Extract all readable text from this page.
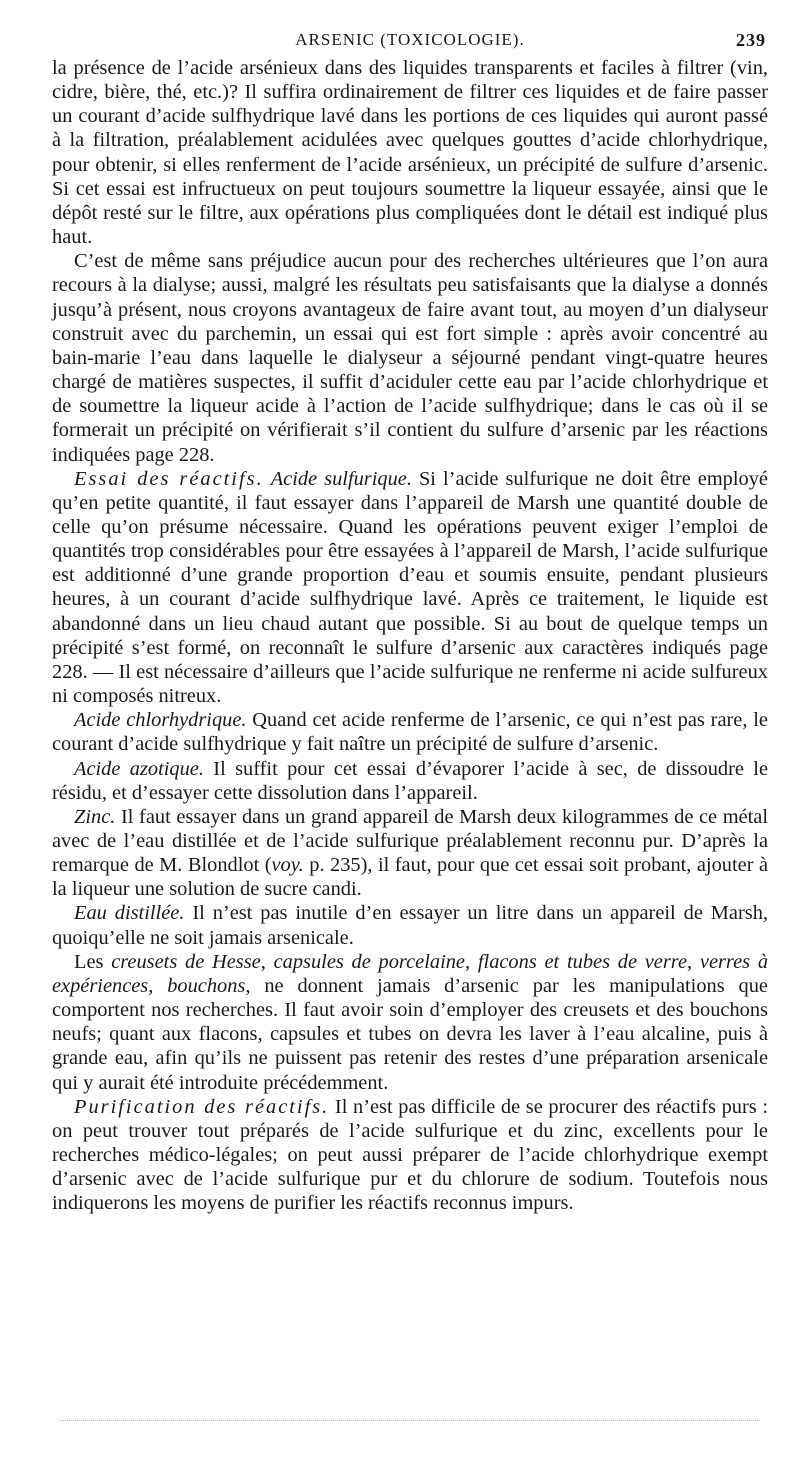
ARSENIC (TOXICOLOGIE).	239

la présence de l’acide arsénieux dans des liquides transparents et faciles à filtrer (vin, cidre, bière, thé, etc.)? Il suffira ordinairement de filtrer ces liquides et de faire passer un courant d’acide sulfhydrique lavé dans les portions de ces liquides qui auront passé à la filtration, préalablement acidulées avec quelques gouttes d’acide chlorhydrique, pour obtenir, si elles renferment de l’acide arsénieux, un précipité de sulfure d’arsenic. Si cet essai est infructueux on peut toujours soumettre la liqueur essayée, ainsi que le dépôt resté sur le filtre, aux opérations plus compliquées dont le détail est indiqué plus haut.

C’est de même sans préjudice aucun pour des recherches ultérieures que l’on aura recours à la dialyse; aussi, malgré les résultats peu satisfaisants que la dialyse a donnés jusqu’à présent, nous croyons avantageux de faire avant tout, au moyen d’un dialyseur construit avec du parchemin, un essai qui est fort simple : après avoir concentré au bain-marie l’eau dans laquelle le dialyseur a séjourné pendant vingt-quatre heures chargé de matières suspectes, il suffit d’aciduler cette eau par l’acide chlorhydrique et de soumettre la liqueur acide à l’action de l’acide sulfhydrique; dans le cas où il se formerait un précipité on vérifierait s’il contient du sulfure d’arsenic par les réactions indiquées page 228.

Essai des réactifs. Acide sulfurique. Si l’acide sulfurique ne doit être employé qu’en petite quantité, il faut essayer dans l’appareil de Marsh une quantité double de celle qu’on présume nécessaire. Quand les opérations peuvent exiger l’emploi de quantités trop considérables pour être essayées à l’appareil de Marsh, l’acide sulfurique est additionné d’une grande proportion d’eau et soumis ensuite, pendant plusieurs heures, à un courant d’acide sulfhydrique lavé. Après ce traitement, le liquide est abandonné dans un lieu chaud autant que possible. Si au bout de quelque temps un précipité s’est formé, on reconnaît le sulfure d’arsenic aux caractères indiqués page 228. — Il est nécessaire d’ailleurs que l’acide sulfurique ne renferme ni acide sulfureux ni composés nitreux.

Acide chlorhydrique. Quand cet acide renferme de l’arsenic, ce qui n’est pas rare, le courant d’acide sulfhydrique y fait naître un précipité de sulfure d’arsenic.

Acide azotique. Il suffit pour cet essai d’évaporer l’acide à sec, de dissoudre le résidu, et d’essayer cette dissolution dans l’appareil.

Zinc. Il faut essayer dans un grand appareil de Marsh deux kilogrammes de ce métal avec de l’eau distillée et de l’acide sulfurique préalablement reconnu pur. D’après la remarque de M. Blondlot (voy. p. 235), il faut, pour que cet essai soit probant, ajouter à la liqueur une solution de sucre candi.

Eau distillée. Il n’est pas inutile d’en essayer un litre dans un appareil de Marsh, quoiqu’elle ne soit jamais arsenicale.

Les creusets de Hesse, capsules de porcelaine, flacons et tubes de verre, verres à expériences, bouchons, ne donnent jamais d’arsenic par les manipulations que comportent nos recherches. Il faut avoir soin d’employer des creusets et des bouchons neufs; quant aux flacons, capsules et tubes on devra les laver à l’eau alcaline, puis à grande eau, afin qu’ils ne puissent pas retenir des restes d’une préparation arsenicale qui y aurait été introduite précédemment.

Purification des réactifs. Il n’est pas difficile de se procurer des réactifs purs : on peut trouver tout préparés de l’acide sulfurique et du zinc, excellents pour le recherches médico-légales; on peut aussi préparer de l’acide chlorhydrique exempt d’arsenic avec de l’acide sulfurique pur et du chlorure de sodium. Toutefois nous indiquerons les moyens de purifier les réactifs reconnus impurs.
